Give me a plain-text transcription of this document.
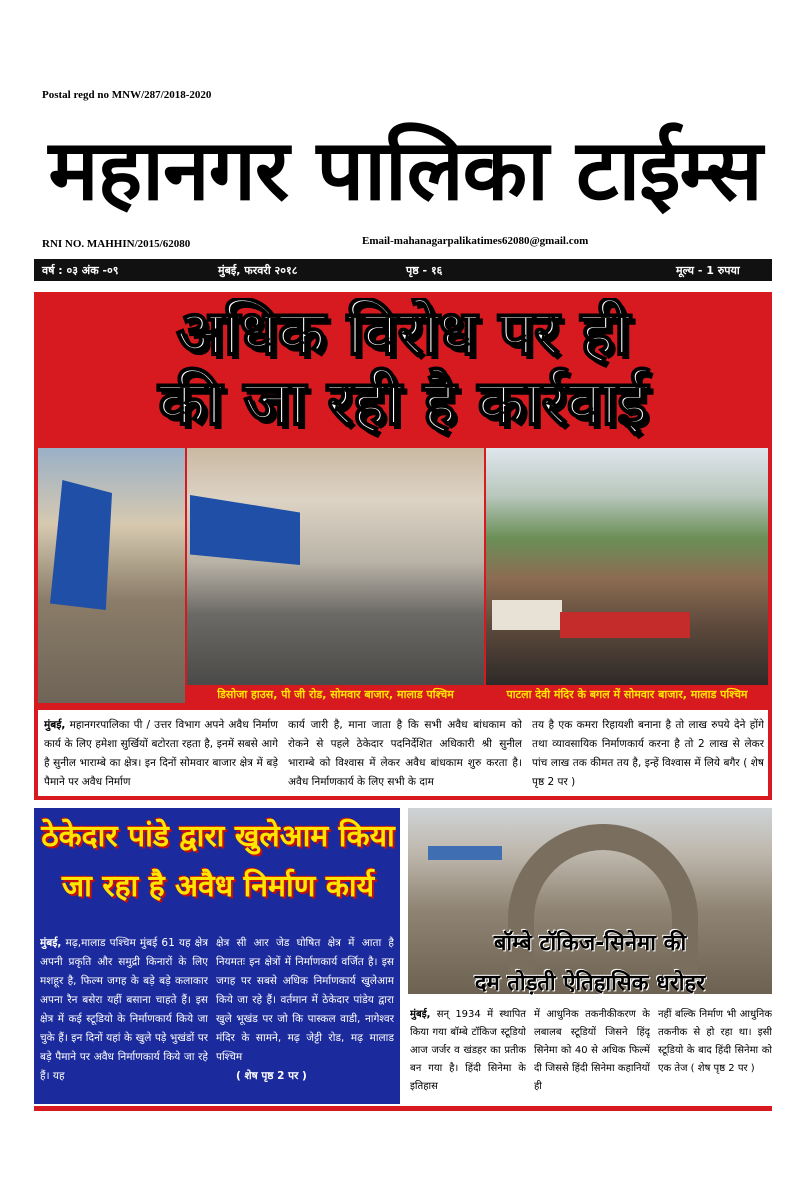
Postal regd no MNW/287/2018-2020
महानगर पालिका टाईम्स
RNI NO. MAHHIN/2015/62080	Email-mahanagarpalikatimes62080@gmail.com
वर्ष : ०३ अंक -०९	मुंबई, फरवरी २०१८	पृष्ठ - १६	मूल्य - 1 रुपया
अधिक विरोध पर ही
की जा रही है कार्रवाई
डिसोजा हाउस, पी जी रोड, सोमवार बाजार, मालाड पश्चिम	पाटला देवी मंदिर के बगल में सोमवार बाजार, मालाड पश्चिम
मुंबई, महानगरपालिका पी / उत्तर विभाग अपने अवैध निर्माण कार्य के लिए हमेशा सुर्खियों बटोरता रहता है, इनमें सबसे आगे है सुनील भाराम्बे का क्षेत्र। इन दिनों सोमवार बाजार क्षेत्र में बड़े पैमाने पर अवैध निर्माण
कार्य जारी है, माना जाता है कि सभी अवैध बांधकाम को रोकने से पहले ठेकेदार पदनिर्देशित अधिकारी श्री सुनील भाराम्बे को विश्वास में लेकर अवैध बांधकाम शुरु करता है। अवैध निर्माणकार्य के लिए सभी के दाम
तय है एक कमरा रिहायशी बनाना है तो लाख रुपये देने होंगे तथा व्यावसायिक निर्माणकार्य करना है तो 2 लाख से लेकर पांच लाख तक कीमत तय है, इन्हें विश्वास में लिये बगैर ( शेष पृष्ठ 2 पर )
ठेकेदार पांडे द्वारा खुलेआम किया
जा रहा है अवैध निर्माण कार्य
मुंबई, मढ़,मालाड पश्चिम मुंबई 61 यह क्षेत्र अपनी प्रकृति और समुद्री किनारों के लिए मशहूर है, फिल्म जगह के बड़े बड़े कलाकार अपना रैन बसेरा यहीं बसाना चाहते हैं। इस क्षेत्र में कई स्टूडियो के निर्माणकार्य किये जा चुके हैं। इन दिनों यहां के खुले पड़े भुखंडों पर बड़े पैमाने पर अवैध निर्माणकार्य किये जा रहे हैं। यह
क्षेत्र सी आर जेड घोषित क्षेत्र में आता है नियमतः इन क्षेत्रों में निर्माणकार्य वर्जित है। इस जगह पर सबसे अधिक निर्माणकार्य खुलेआम किये जा रहे हैं। वर्तमान में ठेकेदार पांडेय द्वारा खुले भूखंड पर जो कि पास्कल वाडी, नागेश्वर मंदिर के सामने, मढ़ जेट्टी रोड, मढ़ मालाड पश्चिम
( शेष पृष्ठ 2 पर )
बॉम्बे टॉकिज-सिनेमा की
दम तोड़ती ऐतिहासिक धरोहर
मुंबई, सन् 1934 में स्थापित किया गया बॉम्बे टॉकिज स्टूडियो आज जर्जर व खंडहर का प्रतीक बन गया है। हिंदी सिनेमा के इतिहास
में आधुनिक तकनीकीकरण के लबालब स्टूडियों जिसने हिंदू सिनेमा को 40 से अधिक फिल्में दी जिससे हिंदी सिनेमा कहानियों ही
नहीं बल्कि निर्माण भी आधुनिक तकनीक से हो रहा था। इसी स्टूडियो के बाद हिंदी सिनेमा को एक तेज ( शेष पृष्ठ 2 पर )
